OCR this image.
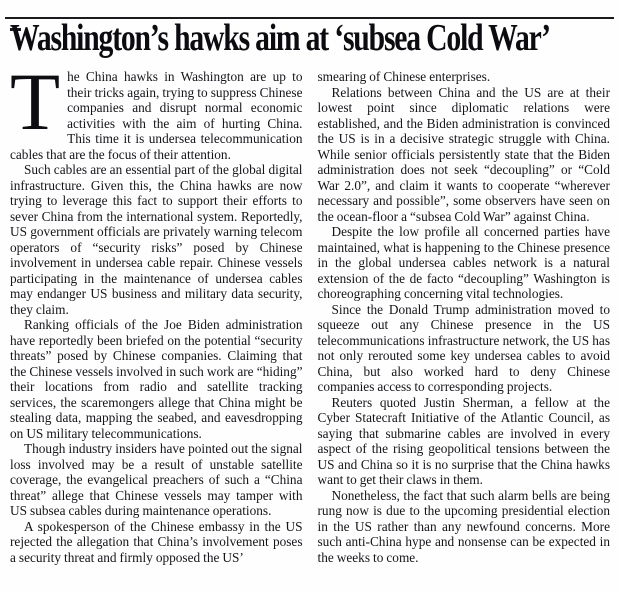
Washington’s hawks aim at ‘subsea Cold War’

The China hawks in Washington are up to their tricks again, trying to suppress Chinese companies and disrupt normal economic activities with the aim of hurting China. This time it is undersea telecommunication cables that are the focus of their attention.

Such cables are an essential part of the global digital infrastructure. Given this, the China hawks are now trying to leverage this fact to support their efforts to sever China from the international system. Reportedly, US government officials are privately warning telecom operators of “security risks” posed by Chinese involvement in undersea cable repair. Chinese vessels participating in the maintenance of undersea cables may endanger US business and military data security, they claim.

Ranking officials of the Joe Biden administration have reportedly been briefed on the potential “security threats” posed by Chinese companies. Claiming that the Chinese vessels involved in such work are “hiding” their locations from radio and satellite tracking services, the scaremongers allege that China might be stealing data, mapping the seabed, and eavesdropping on US military telecommunications.

Though industry insiders have pointed out the signal loss involved may be a result of unstable satellite coverage, the evangelical preachers of such a “China threat” allege that Chinese vessels may tamper with US subsea cables during maintenance operations.

A spokesperson of the Chinese embassy in the US rejected the allegation that China’s involvement poses a security threat and firmly opposed the US’

smearing of Chinese enterprises.

Relations between China and the US are at their lowest point since diplomatic relations were established, and the Biden administration is convinced the US is in a decisive strategic struggle with China. While senior officials persistently state that the Biden administration does not seek “decoupling” or “Cold War 2.0”, and claim it wants to cooperate “wherever necessary and possible”, some observers have seen on the ocean-floor a “subsea Cold War” against China.

Despite the low profile all concerned parties have maintained, what is happening to the Chinese presence in the global undersea cables network is a natural extension of the de facto “decoupling” Washington is choreographing concerning vital technologies.

Since the Donald Trump administration moved to squeeze out any Chinese presence in the US telecommunications infrastructure network, the US has not only rerouted some key undersea cables to avoid China, but also worked hard to deny Chinese companies access to corresponding projects.

Reuters quoted Justin Sherman, a fellow at the Cyber Statecraft Initiative of the Atlantic Council, as saying that submarine cables are involved in every aspect of the rising geopolitical tensions between the US and China so it is no surprise that the China hawks want to get their claws in them.

Nonetheless, the fact that such alarm bells are being rung now is due to the upcoming presidential election in the US rather than any newfound concerns. More such anti-China hype and nonsense can be expected in the weeks to come.
